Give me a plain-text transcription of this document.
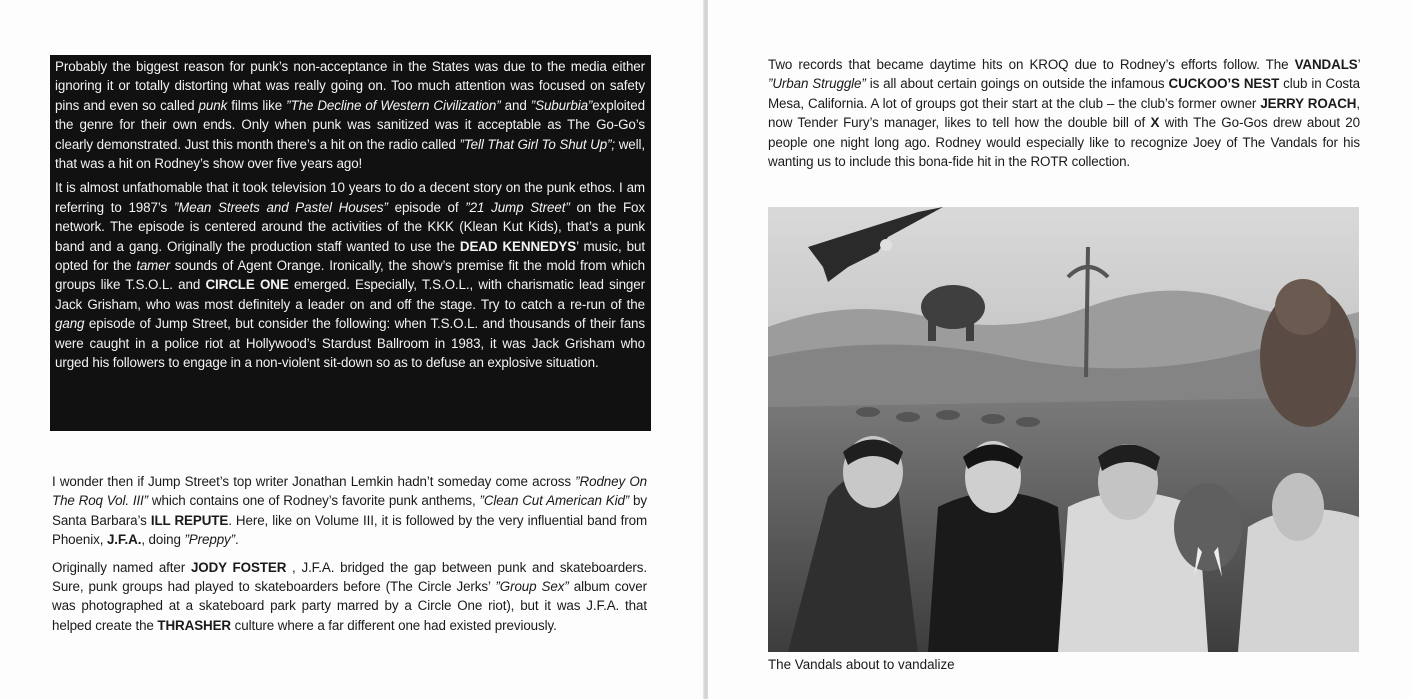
Probably the biggest reason for punk’s non-acceptance in the States was due to the media either ignoring it or totally distorting what was really going on. Too much attention was focused on safety pins and even so called punk films like ”The Decline of Western Civilization” and ”Suburbia”exploited the genre for their own ends. Only when punk was sanitized was it acceptable as The Go-Go’s clearly demonstrated. Just this month there’s a hit on the radio called ”Tell That Girl To Shut Up”; well, that was a hit on Rodney’s show over five years ago!

It is almost unfathomable that it took television 10 years to do a decent story on the punk ethos. I am referring to 1987’s ”Mean Streets and Pastel Houses” episode of ”21 Jump Street” on the Fox network. The episode is centered around the activities of the KKK (Klean Kut Kids), that’s a punk band and a gang. Originally the production staff wanted to use the DEAD KENNEDYS’ music, but opted for the tamer sounds of Agent Orange. Ironically, the show’s premise fit the mold from which groups like T.S.O.L. and CIRCLE ONE emerged. Especially, T.S.O.L., with charismatic lead singer Jack Grisham, who was most definitely a leader on and off the stage. Try to catch a re-run of the gang episode of Jump Street, but consider the following: when T.S.O.L. and thousands of their fans were caught in a police riot at Hollywood’s Stardust Ballroom in 1983, it was Jack Grisham who urged his followers to engage in a non-violent sit-down so as to defuse an explosive situation.

I wonder then if Jump Street’s top writer Jonathan Lemkin hadn’t someday come across ”Rodney On The Roq Vol. III” which contains one of Rodney’s favorite punk anthems, ”Clean Cut American Kid” by Santa Barbara’s ILL REPUTE. Here, like on Volume III, it is followed by the very influential band from Phoenix, J.F.A., doing ”Preppy”.

Originally named after JODY FOSTER , J.F.A. bridged the gap between punk and skateboarders. Sure, punk groups had played to skateboarders before (The Circle Jerks’ ”Group Sex” album cover was photographed at a skateboard park party marred by a Circle One riot), but it was J.F.A. that helped create the THRASHER culture where a far different one had existed previously.

Two records that became daytime hits on KROQ due to Rodney’s efforts follow. The VANDALS’ ”Urban Struggle” is all about certain goings on outside the infamous CUCKOO’S NEST club in Costa Mesa, California. A lot of groups got their start at the club – the club’s former owner JERRY ROACH, now Tender Fury’s manager, likes to tell how the double bill of X with The Go-Gos drew about 20 people one night long ago. Rodney would especially like to recognize Joey of The Vandals for his wanting us to include this bona-fide hit in the ROTR collection.

The Vandals about to vandalize
